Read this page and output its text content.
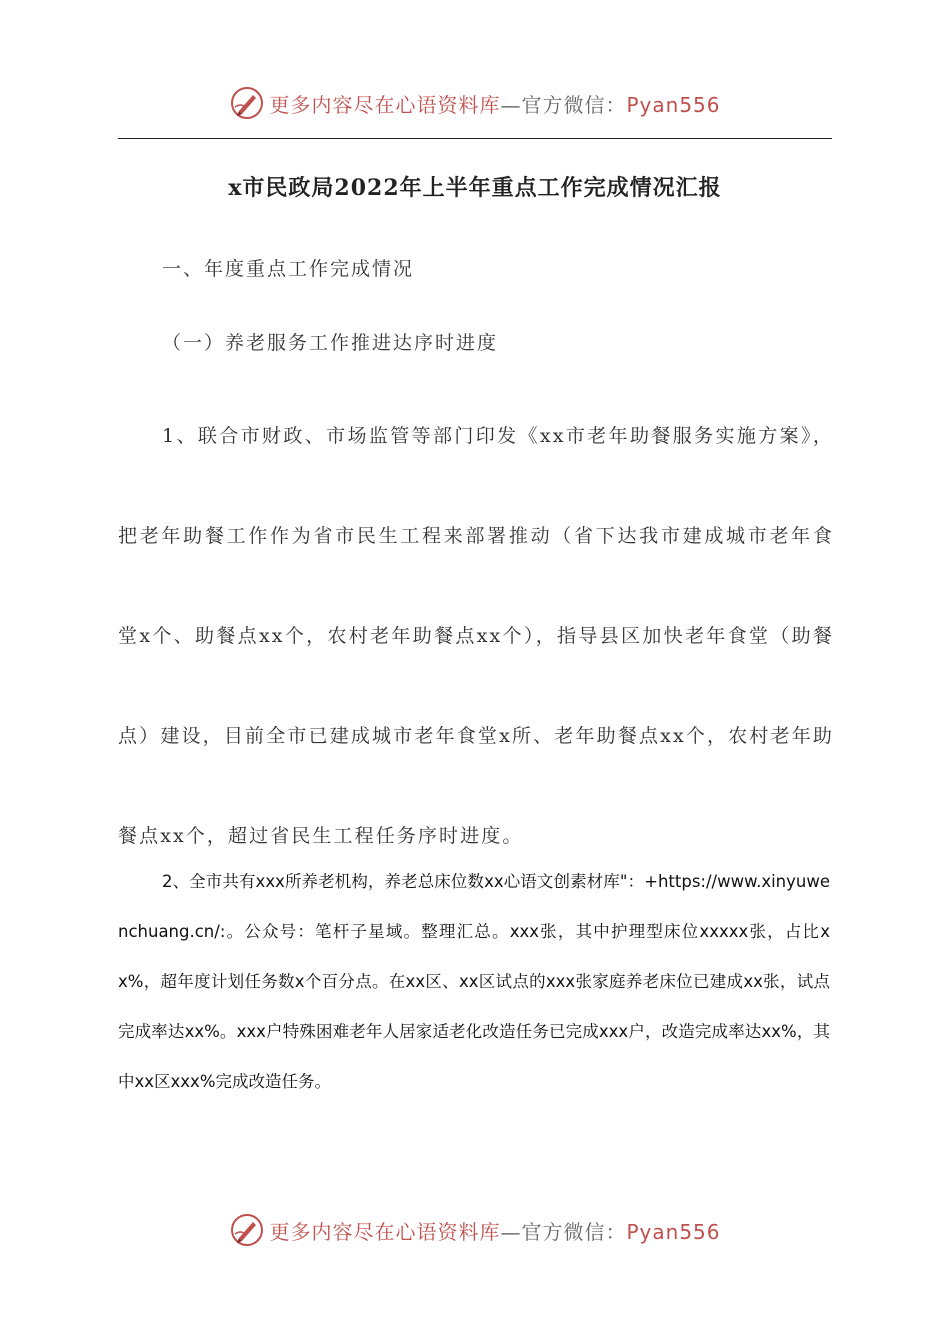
更多内容尽在心语资料库—官方微信：Pyan556
x市民政局2022年上半年重点工作完成情况汇报
一、年度重点工作完成情况
（一）养老服务工作推进达序时进度
1、联合市财政、市场监管等部门印发《xx市老年助餐服务实施方案》，把老年助餐工作作为省市民生工程来部署推动（省下达我市建成城市老年食堂x个、助餐点xx个，农村老年助餐点xx个），指导县区加快老年食堂（助餐点）建设，目前全市已建成城市老年食堂x所、老年助餐点xx个，农村老年助餐点xx个，超过省民生工程任务序时进度。
2、全市共有xxx所养老机构，养老总床位数xx心语文创素材库"：+https://www.xinyuwenchuang.cn/:。公众号：笔杆子星域。整理汇总。xxx张，其中护理型床位xxxxx张，占比xx%，超年度计划任务数x个百分点。在xx区、xx区试点的xxx张家庭养老床位已建成xx张，试点完成率达xx%。xxx户特殊困难老年人居家适老化改造任务已完成xxx户，改造完成率达xx%，其中xx区xxx%完成改造任务。
更多内容尽在心语资料库—官方微信：Pyan556
